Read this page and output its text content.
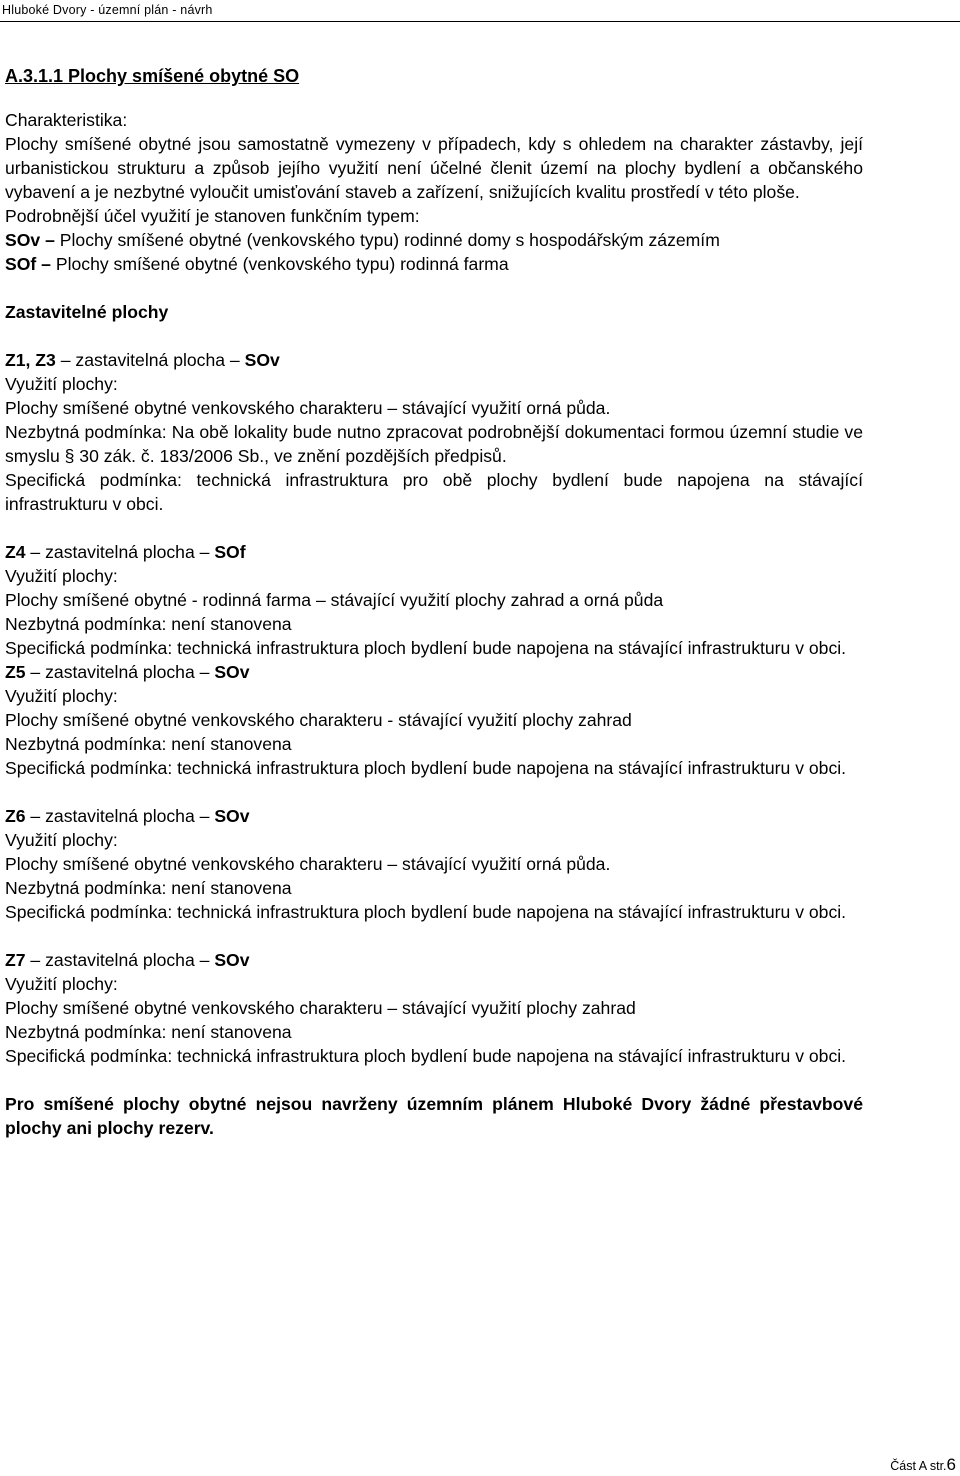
Hluboké Dvory - územní plán - návrh

A.3.1.1 Plochy smíšené obytné SO

Charakteristika:

Plochy smíšené obytné jsou samostatně vymezeny v případech, kdy s ohledem na charakter zástavby, její urbanistickou strukturu a způsob jejího využití není účelné členit území na plochy bydlení a občanského vybavení a je nezbytné vyloučit umisťování staveb a zařízení, snižujících kvalitu prostředí v této ploše.

Podrobnější účel využití je stanoven funkčním typem:

SOv – Plochy smíšené obytné (venkovského typu) rodinné domy s hospodářským zázemím

SOf – Plochy smíšené obytné (venkovského typu) rodinná farma

Zastavitelné plochy

Z1, Z3 – zastavitelná plocha – SOv

Využití plochy:

Plochy smíšené obytné venkovského charakteru – stávající využití orná půda.

Nezbytná podmínka: Na obě lokality bude nutno zpracovat podrobnější dokumentaci formou územní studie ve smyslu § 30 zák. č. 183/2006 Sb., ve znění pozdějších předpisů.

Specifická podmínka: technická infrastruktura pro obě plochy bydlení bude napojena na stávající infrastrukturu v obci.

Z4 – zastavitelná plocha – SOf

Využití plochy:

Plochy smíšené obytné - rodinná farma – stávající využití plochy zahrad a orná půda

Nezbytná podmínka: není stanovena

Specifická podmínka: technická infrastruktura ploch bydlení bude napojena na stávající infrastrukturu v obci.

Z5 – zastavitelná plocha – SOv

Využití plochy:

Plochy smíšené obytné venkovského charakteru - stávající využití plochy zahrad

Nezbytná podmínka: není stanovena

Specifická podmínka: technická infrastruktura ploch bydlení bude napojena na stávající infrastrukturu v obci.

Z6 – zastavitelná plocha – SOv

Využití plochy:

Plochy smíšené obytné venkovského charakteru – stávající využití orná půda.

Nezbytná podmínka: není stanovena

Specifická podmínka: technická infrastruktura ploch bydlení bude napojena na stávající infrastrukturu v obci.

Z7 – zastavitelná plocha – SOv

Využití plochy:

Plochy smíšené obytné venkovského charakteru – stávající využití plochy zahrad

Nezbytná podmínka: není stanovena

Specifická podmínka: technická infrastruktura ploch bydlení bude napojena na stávající infrastrukturu v obci.

Pro smíšené plochy obytné nejsou navrženy územním plánem Hluboké Dvory žádné přestavbové plochy ani plochy rezerv.

Část A str.6
